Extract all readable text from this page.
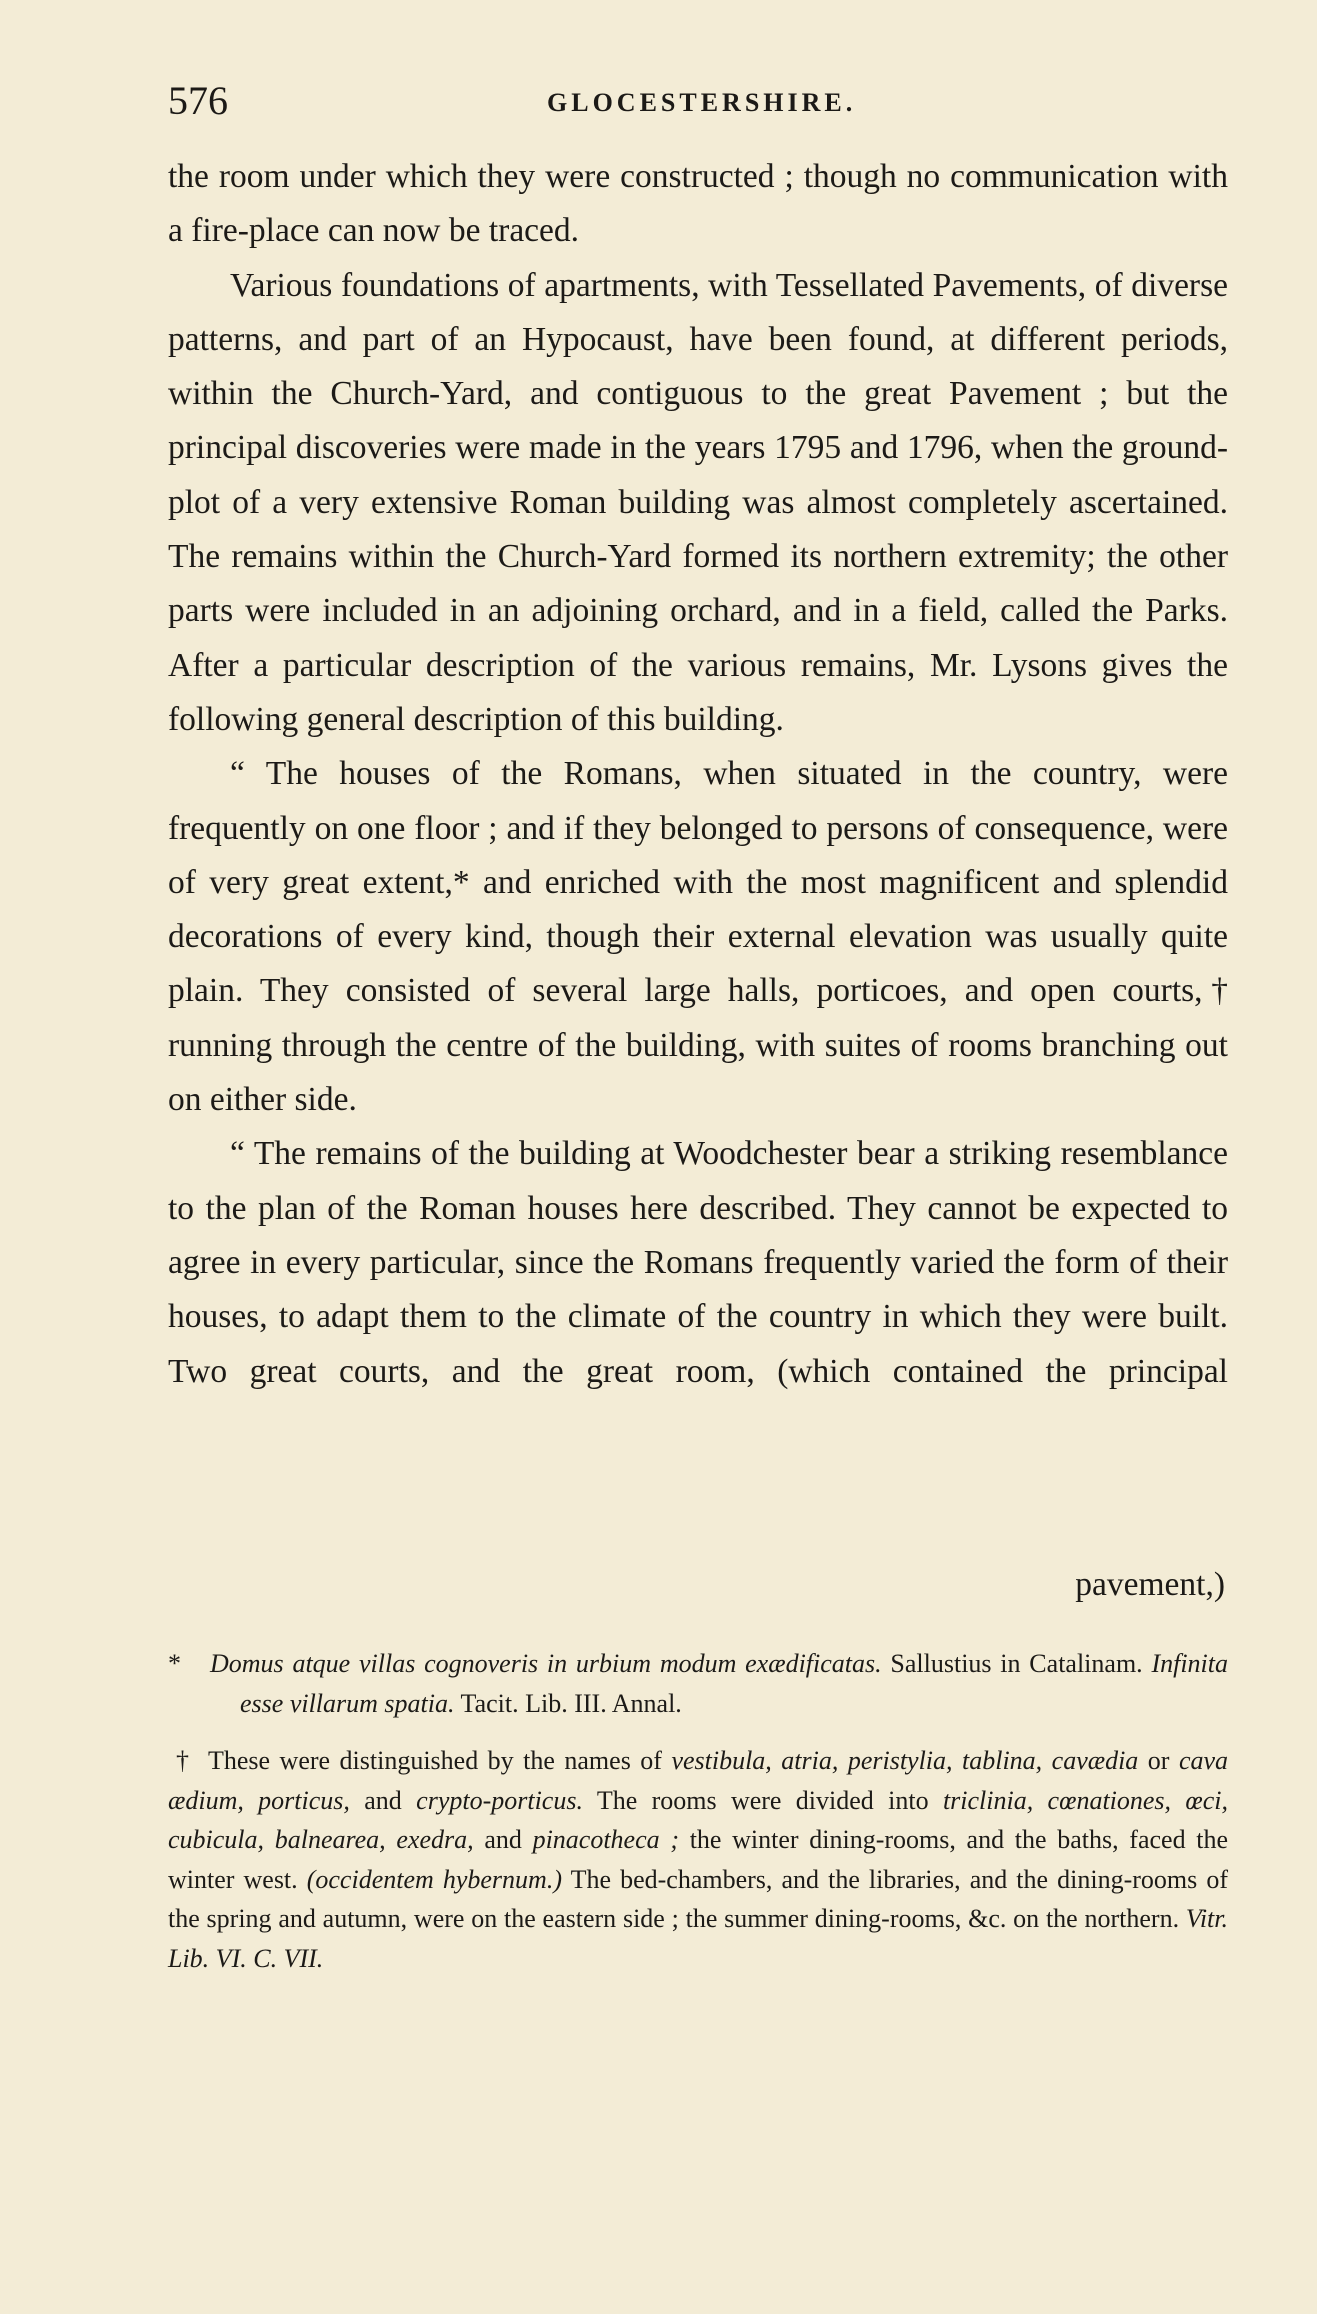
576	GLOCESTERSHIRE.

the room under which they were constructed ; though no communication with a fire-place can now be traced.

Various foundations of apartments, with Tessellated Pavements, of diverse patterns, and part of an Hypocaust, have been found, at different periods, within the Church-Yard, and contiguous to the great Pavement ; but the principal discoveries were made in the years 1795 and 1796, when the ground-plot of a very extensive Roman building was almost completely ascertained. The remains within the Church-Yard formed its northern extremity; the other parts were included in an adjoining orchard, and in a field, called the Parks. After a particular description of the various remains, Mr. Lysons gives the following general description of this building.

“ The houses of the Romans, when situated in the country, were frequently on one floor ; and if they belonged to persons of consequence, were of very great extent,* and enriched with the most magnificent and splendid decorations of every kind, though their external elevation was usually quite plain. They consisted of several large halls, porticoes, and open courts,† running through the centre of the building, with suites of rooms branching out on either side.

“ The remains of the building at Woodchester bear a striking resemblance to the plan of the Roman houses here described. They cannot be expected to agree in every particular, since the Romans frequently varied the form of their houses, to adapt them to the climate of the country in which they were built. Two great courts, and the great room, (which contained the principal

pavement,)

* Domus atque villas cognoveris in urbium modum exædificatas. Sallustius in Catalinam. Infinita esse villarum spatia. Tacit. Lib. III. Annal.

† These were distinguished by the names of vestibula, atria, peristylia, tablina, cavædia or cava ædium, porticus, and crypto-porticus. The rooms were divided into triclinia, cœnationes, œci, cubicula, balnearea, exedra, and pinacotheca ; the winter dining-rooms, and the baths, faced the winter west. (occidentem hybernum.) The bed-chambers, and the libraries, and the dining-rooms of the spring and autumn, were on the eastern side ; the summer dining-rooms, &c. on the northern. Vitr. Lib. VI. C. VII.
